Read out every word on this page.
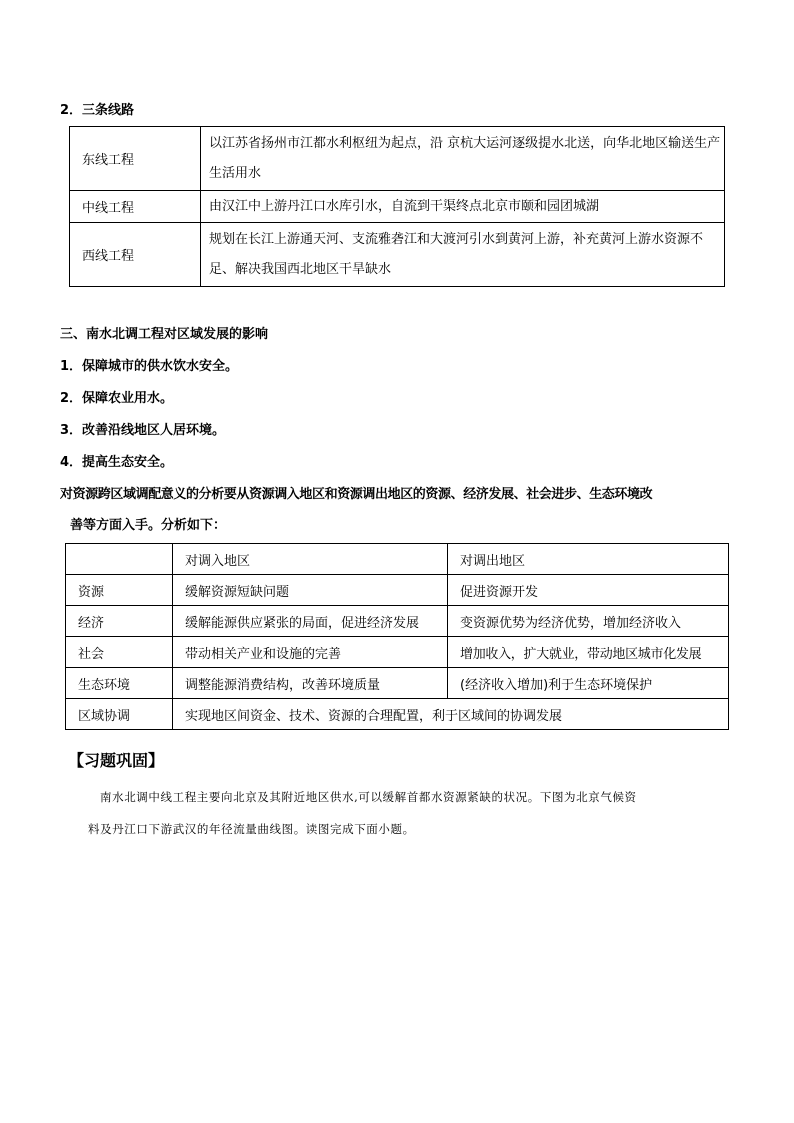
2．三条线路
东线工程	以江苏省扬州市江都水利枢纽为起点，沿 京杭大运河逐级提水北送，向华北地区输送生产生活用水
中线工程	由汉江中上游丹江口水库引水，自流到干渠终点北京市颐和园团城湖
西线工程	规划在长江上游通天河、支流雅砻江和大渡河引水到黄河上游，补充黄河上游水资源不足、解决我国西北地区干旱缺水
三、南水北调工程对区域发展的影响
1．保障城市的供水饮水安全。
2．保障农业用水。
3．改善沿线地区人居环境。
4．提高生态安全。
对资源跨区域调配意义的分析要从资源调入地区和资源调出地区的资源、经济发展、社会进步、生态环境改
善等方面入手。分析如下：
	对调入地区	对调出地区
资源	缓解资源短缺问题	促进资源开发
经济	缓解能源供应紧张的局面，促进经济发展	变资源优势为经济优势，增加经济收入
社会	带动相关产业和设施的完善	增加收入，扩大就业，带动地区城市化发展
生态环境	调整能源消费结构，改善环境质量	(经济收入增加)利于生态环境保护
区域协调	实现地区间资金、技术、资源的合理配置，利于区域间的协调发展	
【习题巩固】
南水北调中线工程主要向北京及其附近地区供水,可以缓解首都水资源紧缺的状况。下图为北京气候资
料及丹江口下游武汉的年径流量曲线图。读图完成下面小题。
